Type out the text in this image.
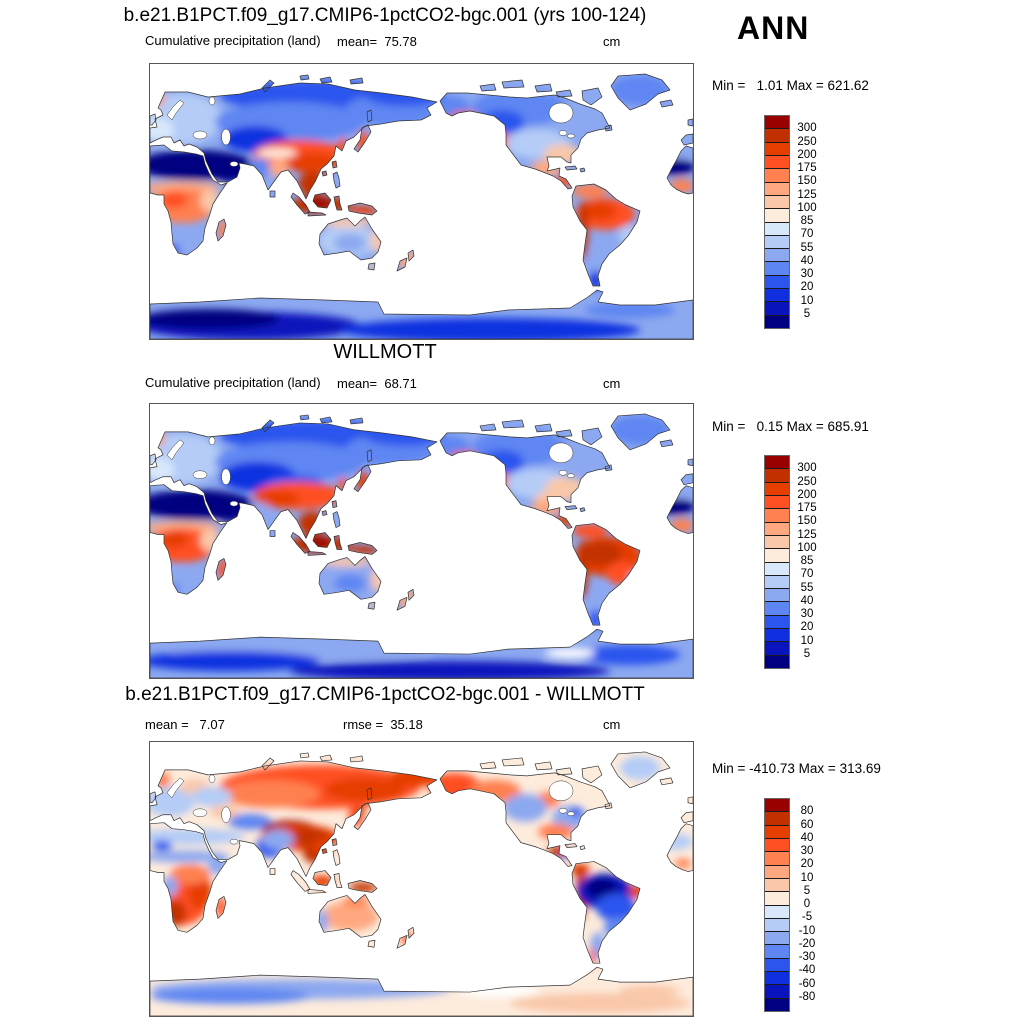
b.e21.B1PCT.f09_g17.CMIP6-1pctCO2-bgc.001 (yrs 100-124)	ANN
Cumulative precipitation (land) mean=  75.78	cm
Min =   1.01 Max = 621.62
300
250
200
175
150
125
100
85
70
55
40
30
20
10
5
WILLMOTT
Cumulative precipitation (land) mean=  68.71	cm
Min =   0.15 Max = 685.91
300
250
200
175
150
125
100
85
70
55
40
30
20
10
5
b.e21.B1PCT.f09_g17.CMIP6-1pctCO2-bgc.001 - WILLMOTT
mean =   7.07	rmse =  35.18	cm
Min = -410.73 Max = 313.69
80
60
40
30
20
10
5
0
-5
-10
-20
-30
-40
-60
-80
